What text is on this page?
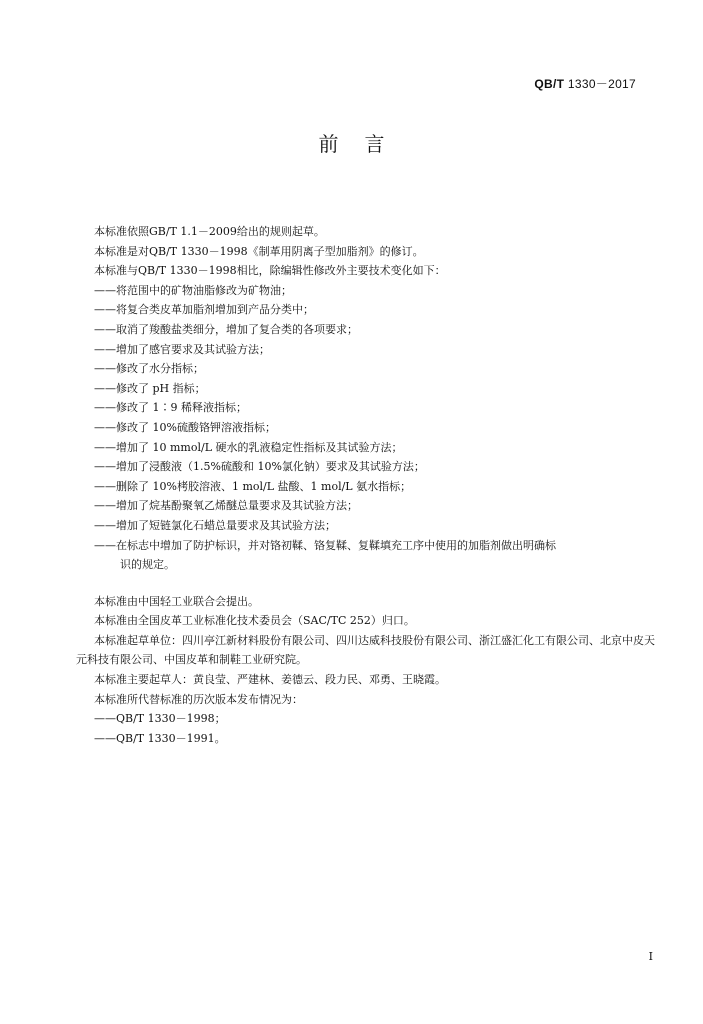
QB/T 1330－2017
前言
本标准依照GB/T 1.1－2009给出的规则起草。
本标准是对QB/T 1330－1998《制革用阴离子型加脂剂》的修订。
本标准与QB/T 1330－1998相比，除编辑性修改外主要技术变化如下：
——将范围中的矿物油脂修改为矿物油；
——将复合类皮革加脂剂增加到产品分类中；
——取消了羧酸盐类细分，增加了复合类的各项要求；
——增加了感官要求及其试验方法；
——修改了水分指标；
——修改了 pH 指标；
——修改了 1∶9 稀释液指标；
——修改了 10%硫酸铬钾溶液指标；
——增加了 10 mmol/L 硬水的乳液稳定性指标及其试验方法；
——增加了浸酸液（1.5%硫酸和 10%氯化钠）要求及其试验方法；
——删除了 10%栲胶溶液、1 mol/L 盐酸、1 mol/L 氨水指标；
——增加了烷基酚聚氧乙烯醚总量要求及其试验方法；
——增加了短链氯化石蜡总量要求及其试验方法；
——在标志中增加了防护标识，并对铬初鞣、铬复鞣、复鞣填充工序中使用的加脂剂做出明确标
识的规定。
本标准由中国轻工业联合会提出。
本标准由全国皮革工业标准化技术委员会（SAC/TC 252）归口。
本标准起草单位：四川亭江新材料股份有限公司、四川达威科技股份有限公司、浙江盛汇化工有限公司、北京中皮天元科技有限公司、中国皮革和制鞋工业研究院。
本标准主要起草人：黄良莹、严建林、姜德云、段力民、邓勇、王晓霞。
本标准所代替标准的历次版本发布情况为：
——QB/T 1330－1998；
——QB/T 1330－1991。
I
